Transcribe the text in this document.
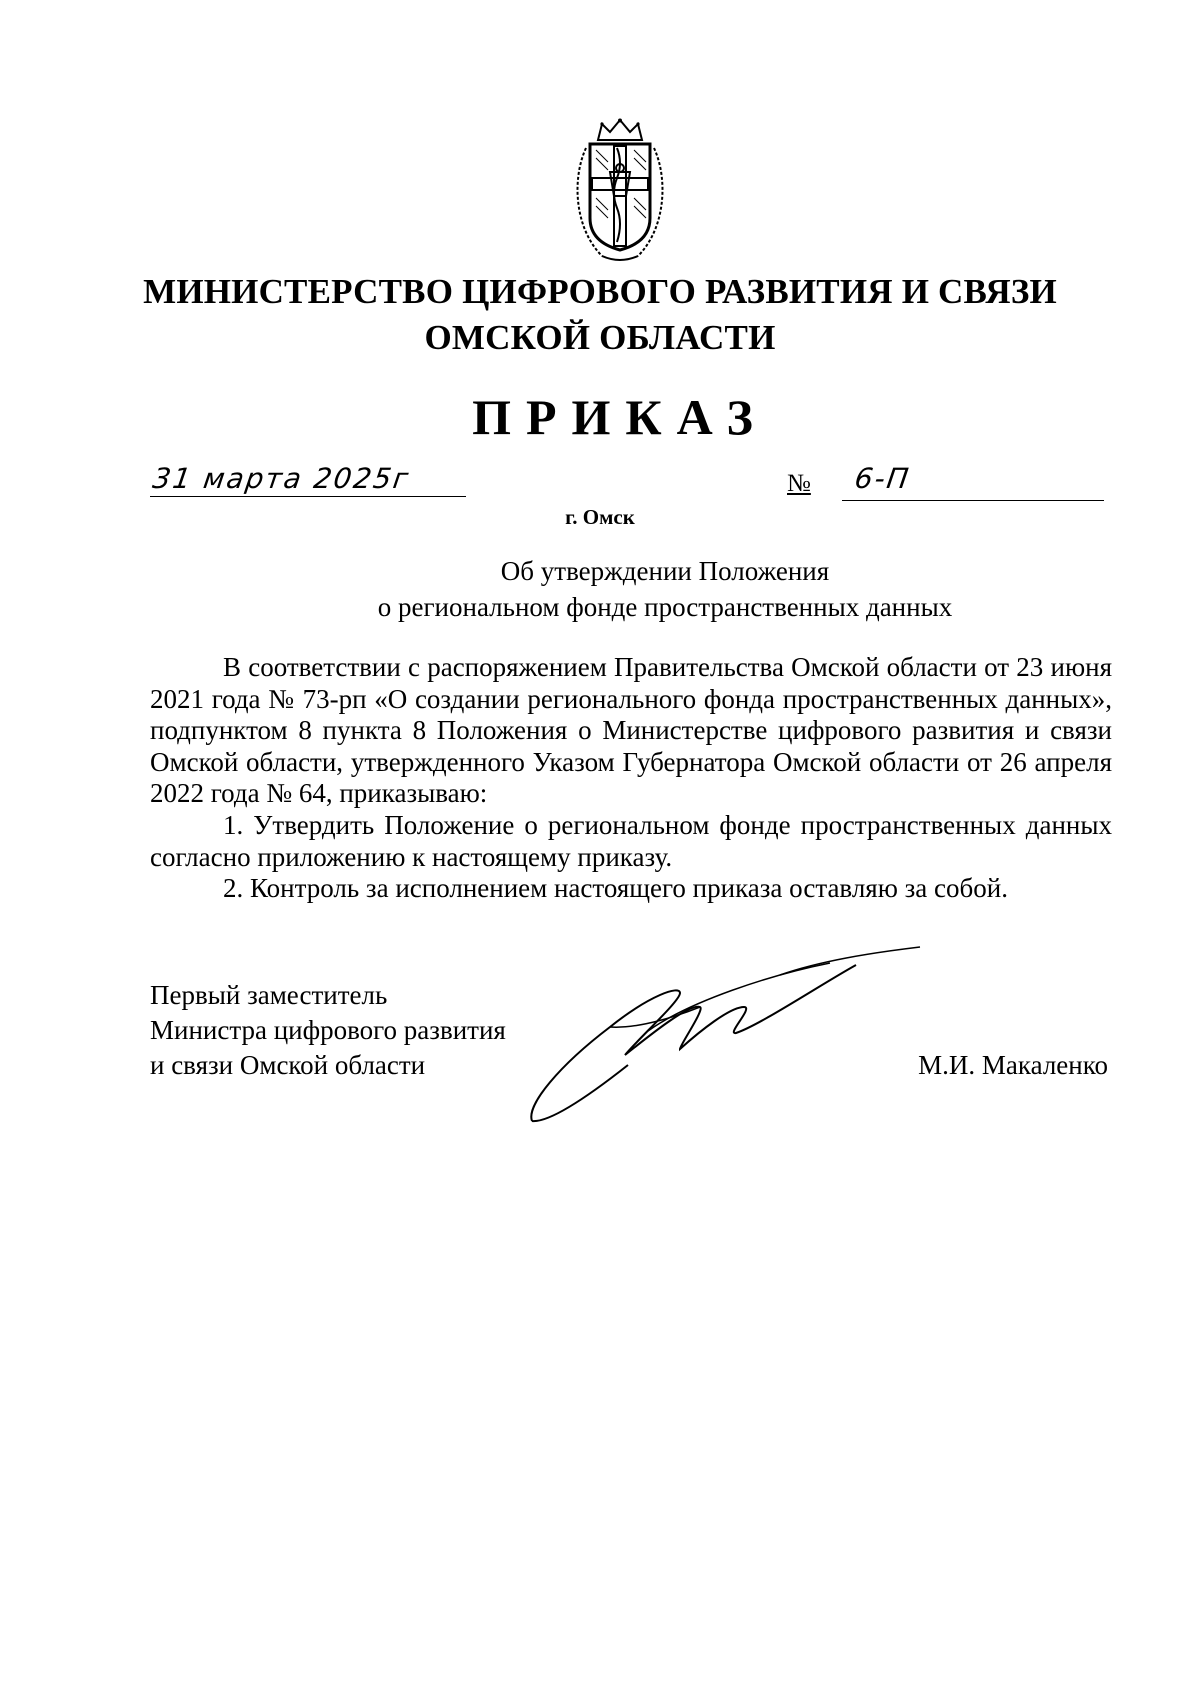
МИНИСТЕРСТВО ЦИФРОВОГО РАЗВИТИЯ И СВЯЗИ
ОМСКОЙ ОБЛАСТИ
ПРИКАЗ
31 марта 2025г	№ 6-П
г. Омск
Об утверждении Положения
о региональном фонде пространственных данных

В соответствии с распоряжением Правительства Омской области от 23 июня 2021 года № 73-рп «О создании регионального фонда пространственных данных», подпунктом 8 пункта 8 Положения о Министерстве цифрового развития и связи Омской области, утвержденного Указом Губернатора Омской области от 26 апреля 2022 года № 64, приказываю:

1. Утвердить Положение о региональном фонде пространственных данных согласно приложению к настоящему приказу.

2. Контроль за исполнением настоящего приказа оставляю за собой.

Первый заместитель
Министра цифрового развития
и связи Омской области	М.И. Макаленко
